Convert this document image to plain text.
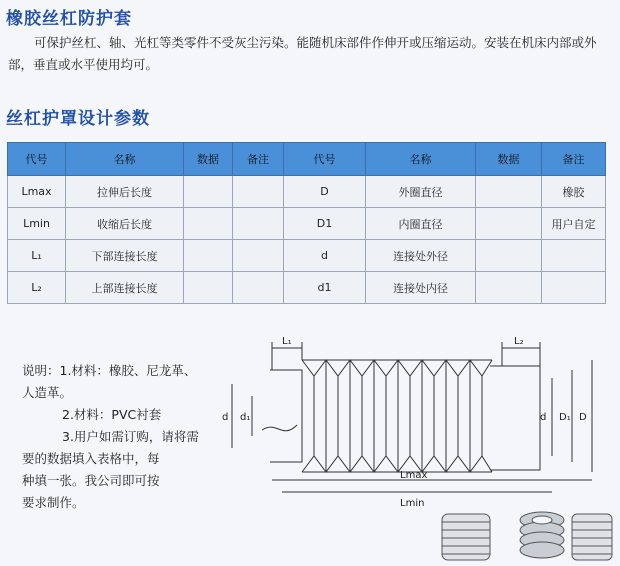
橡胶丝杠防护套
可保护丝杠、轴、光杠等类零件不受灰尘污染。能随机床部件作伸开或压缩运动。安装在机床内部或外部，垂直或水平使用均可。
丝杠护罩设计参数
代号	名称	数据	备注	代号	名称	数据	备注
Lmax	拉伸后长度			D	外圈直径		橡胶
Lmin	收缩后长度			D1	内圈直径		用户自定
L₁	下部连接长度			d	连接处外径		
L₂	上部连接长度			d1	连接处内径		
说明：1.材料：橡胶、尼龙革、
人造革。
2.材料：PVC衬套
3.用户如需订购，请将需
要的数据填入表格中，每
种填一张。我公司即可按
要求制作。
L₁	L₂
Lmax
Lmin
d d₁	d D₁ D
